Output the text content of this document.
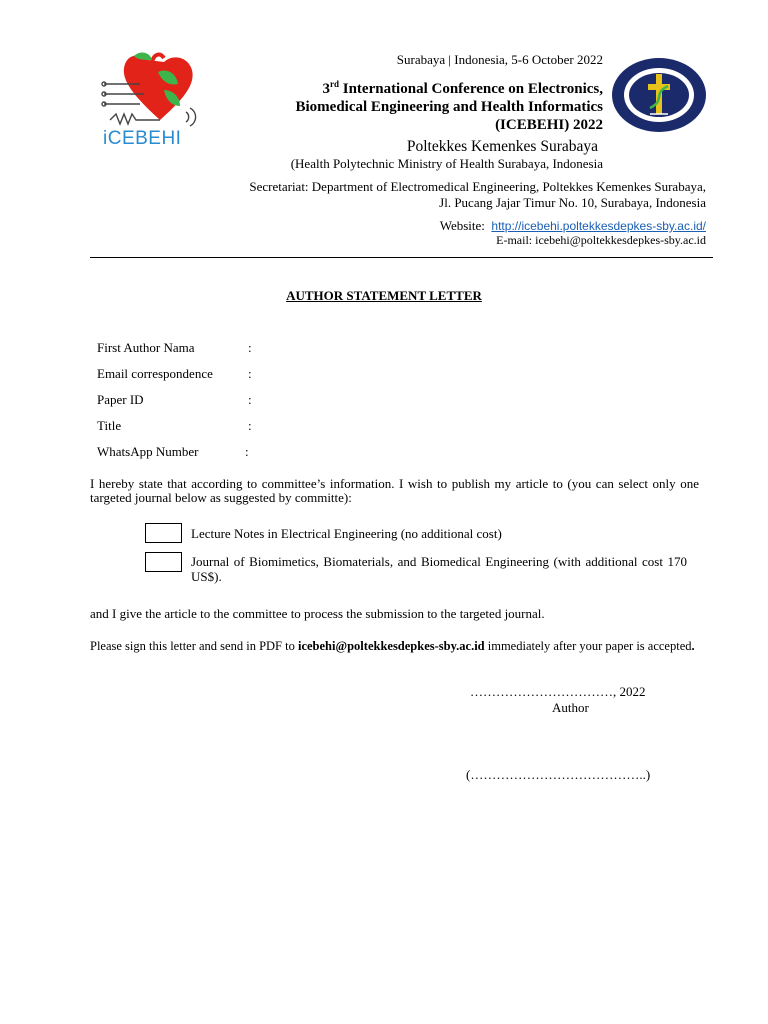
iCEBEHI
Surabaya | Indonesia, 5-6 October 2022
3rd International Conference on Electronics,
Biomedical Engineering and Health Informatics
(ICEBEHI) 2022
Poltekkes Kemenkes Surabaya
(Health Polytechnic Ministry of Health Surabaya, Indonesia
Secretariat: Department of Electromedical Engineering, Poltekkes Kemenkes Surabaya,
Jl. Pucang Jajar Timur No. 10, Surabaya, Indonesia
Website: http://icebehi.poltekkesdepkes-sby.ac.id/
E-mail: icebehi@poltekkesdepkes-sby.ac.id
AUTHOR STATEMENT LETTER
First Author Nama	:
Email correspondence	:
Paper ID	:
Title	:
WhatsApp Number	:
I hereby state that according to committee’s information. I wish to publish my article to (you can select only one targeted journal below as suggested by committe):
Lecture Notes in Electrical Engineering (no additional cost)
Journal of Biomimetics, Biomaterials, and Biomedical Engineering (with additional cost 170 US$).
and I give the article to the committee to process the submission to the targeted journal.
Please sign this letter and send in PDF to icebehi@poltekkesdepkes-sby.ac.id immediately after your paper is accepted.
……………………………, 2022
Author
(…………………………………..)
